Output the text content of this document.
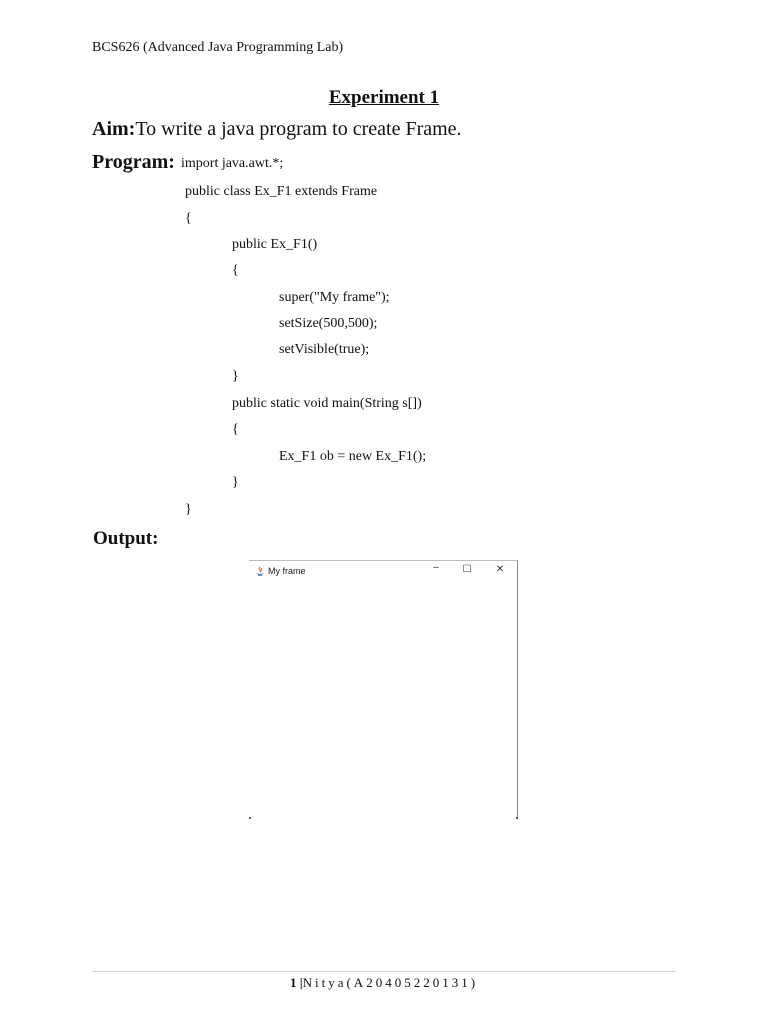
BCS626 (Advanced Java Programming Lab)
Experiment 1
Aim:To write a java program to create Frame.
Program: import java.awt.*;
public class Ex_F1 extends Frame
{
public Ex_F1()
{
super("My frame");
setSize(500,500);
setVisible(true);
}
public static void main(String s[])
{
Ex_F1 ob = new Ex_F1();
}
}
Output:
My frame	–	☐ ✕
1 |Nitya(A20405220131)
